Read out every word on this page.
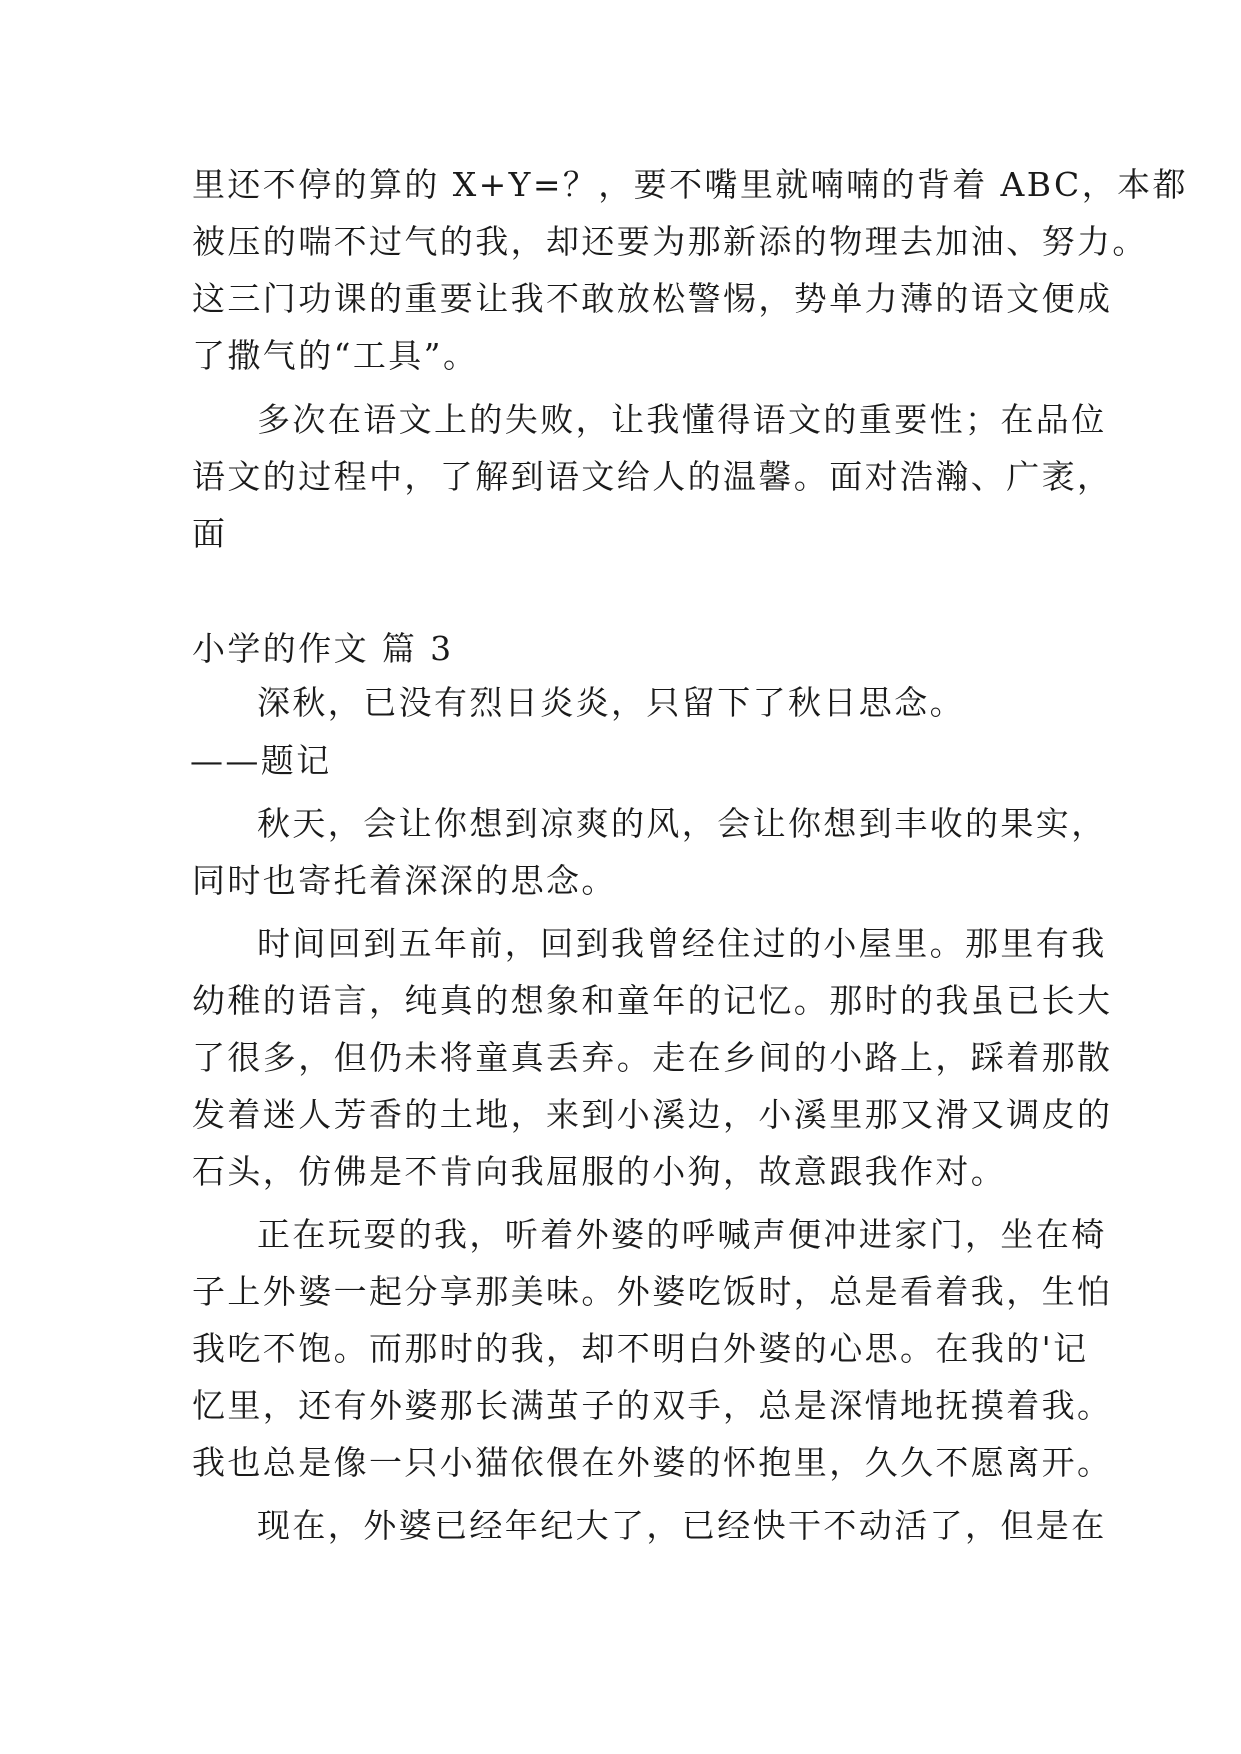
里还不停的算的 X+Y=？，要不嘴里就喃喃的背着 ABC，本都
被压的喘不过气的我，却还要为那新添的物理去加油、努力。
这三门功课的重要让我不敢放松警惕，势单力薄的语文便成
了撒气的“工具”。
多次在语文上的失败，让我懂得语文的重要性；在品位
语文的过程中，了解到语文给人的温馨。面对浩瀚、广袤，
面
小学的作文 篇 3
深秋，已没有烈日炎炎，只留下了秋日思念。
——题记
秋天，会让你想到凉爽的风，会让你想到丰收的果实，
同时也寄托着深深的思念。
时间回到五年前，回到我曾经住过的小屋里。那里有我
幼稚的语言，纯真的想象和童年的记忆。那时的我虽已长大
了很多，但仍未将童真丢弃。走在乡间的小路上，踩着那散
发着迷人芳香的土地，来到小溪边，小溪里那又滑又调皮的
石头，仿佛是不肯向我屈服的小狗，故意跟我作对。
正在玩耍的我，听着外婆的呼喊声便冲进家门，坐在椅
子上外婆一起分享那美味。外婆吃饭时，总是看着我，生怕
我吃不饱。而那时的我，却不明白外婆的心思。在我的'记
忆里，还有外婆那长满茧子的双手，总是深情地抚摸着我。
我也总是像一只小猫依偎在外婆的怀抱里，久久不愿离开。
现在，外婆已经年纪大了，已经快干不动活了，但是在
